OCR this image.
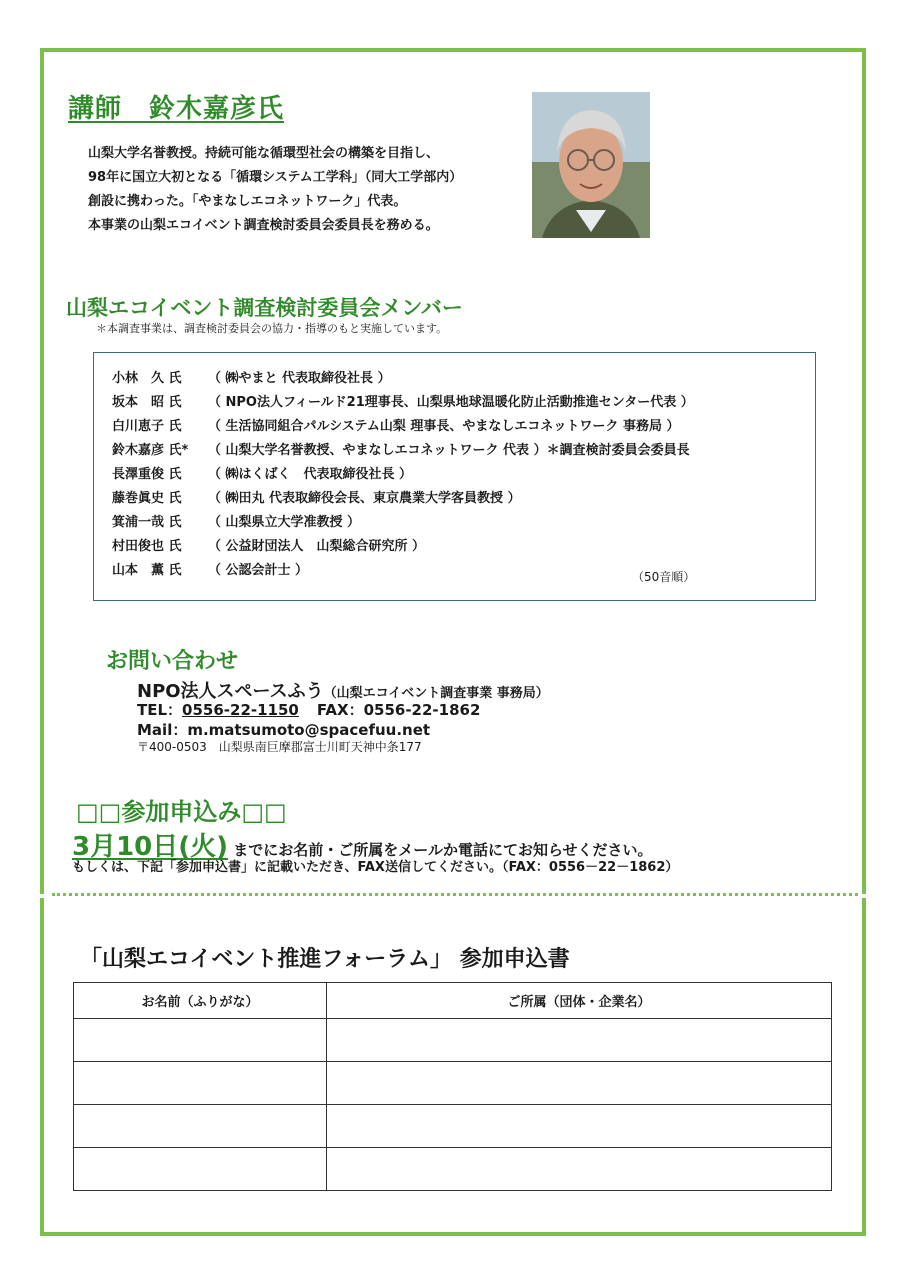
講師　鈴木嘉彦氏
山梨大学名誉教授。持続可能な循環型社会の構築を目指し、
98年に国立大初となる「循環システム工学科」（同大工学部内）
創設に携わった。「やまなしエコネットワーク」代表。
本事業の山梨エコイベント調査検討委員会委員長を務める。
山梨エコイベント調査検討委員会メンバー
＊本調査事業は、調査検討委員会の協力・指導のもと実施しています。
小林　久 氏 （ ㈱やまと 代表取締役社長 ）
坂本　昭 氏 （ NPO法人フィールド21理事長、山梨県地球温暖化防止活動推進センター代表 ）
白川恵子 氏 （ 生活協同組合パルシステム山梨 理事長、やまなしエコネットワーク 事務局 ）
鈴木嘉彦 氏* （ 山梨大学名誉教授、やまなしエコネットワーク 代表 ）＊調査検討委員会委員長
長澤重俊 氏 （ ㈱はくばく　代表取締役社長 ）
藤巻眞史 氏 （ ㈱田丸 代表取締役会長、東京農業大学客員教授 ）
箕浦一哉 氏 （ 山梨県立大学准教授 ）
村田俊也 氏 （ 公益財団法人　山梨総合研究所 ）
山本　薫 氏 （ 公認会計士 ）	（50音順）
お問い合わせ
NPO法人スペースふう（山梨エコイベント調査事業 事務局）
TEL：0556-22-1150 FAX：0556-22-1862
Mail：m.matsumoto@spacefuu.net
〒400-0503　山梨県南巨摩郡富士川町天神中条177
□□参加申込み□□
3月10日(火) までにお名前・ご所属をメールか電話にてお知らせください。
もしくは、下記「参加申込書」に記載いただき、FAX送信してください。（FAX：0556－22－1862）
「山梨エコイベント推進フォーラム」 参加申込書
お名前（ふりがな）	ご所属（団体・企業名）
